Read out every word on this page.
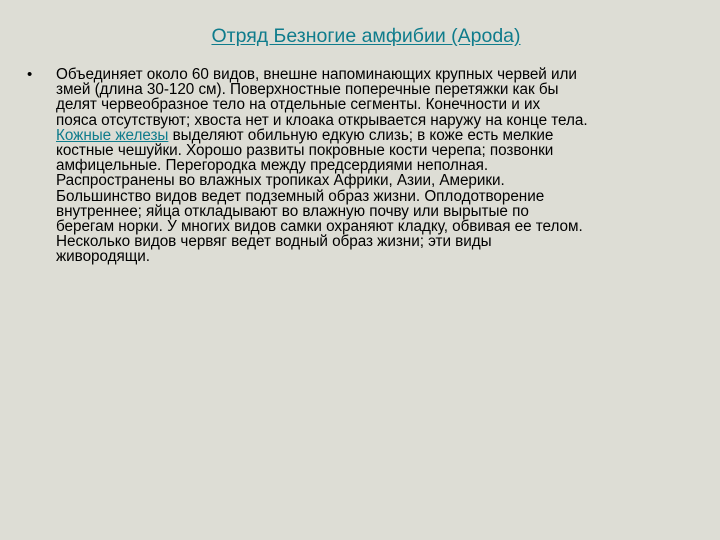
Отряд Безногие амфибии (Apoda)
•	Объединяет около 60 видов, внешне напоминающих крупных червей или
змей (длина 30-120 см). Поверхностные поперечные перетяжки как бы
делят червеобразное тело на отдельные сегменты. Конечности и их
пояса отсутствуют; хвоста нет и клоака открывается наружу на конце тела.
Кожные железы выделяют обильную едкую слизь; в коже есть мелкие
костные чешуйки. Хорошо развиты покровные кости черепа; позвонки
амфицельные. Перегородка между предсердиями неполная.
Распространены во влажных тропиках Африки, Азии, Америки.
Большинство видов ведет подземный образ жизни. Оплодотворение
внутреннее; яйца откладывают во влажную почву или вырытые по
берегам норки. У многих видов самки охраняют кладку, обвивая ее телом.
Несколько видов червяг ведет водный образ жизни; эти виды
живородящи.
